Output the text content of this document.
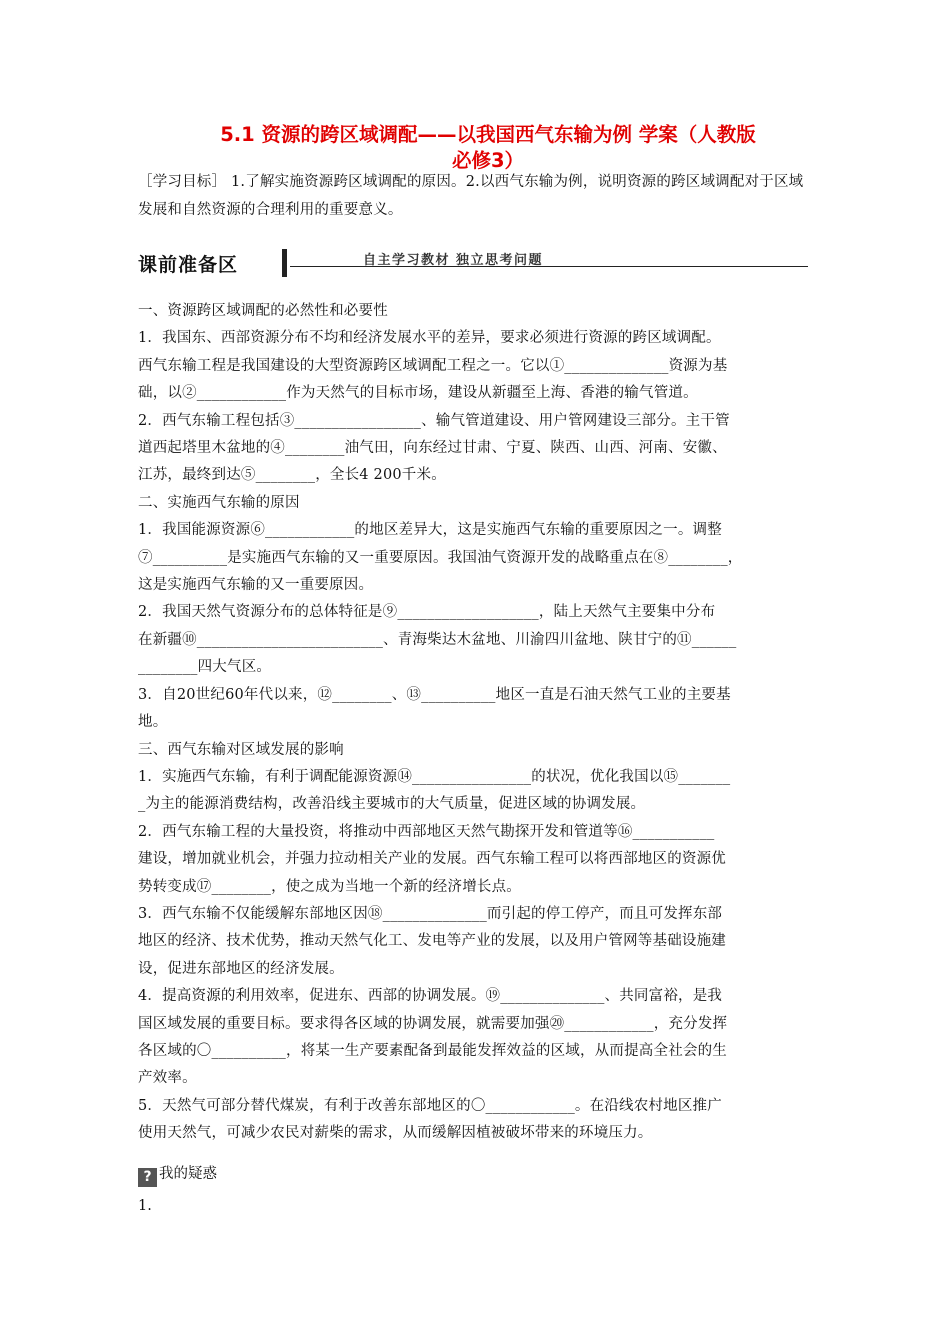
5.1 资源的跨区域调配——以我国西气东输为例 学案（人教版
必修3）
［学习目标］ 1.了解实施资源跨区域调配的原因。2.以西气东输为例，说明资源的跨区域调配对于区域发展和自然资源的合理利用的重要意义。
课前准备区	自主学习教材 独立思考问题

一、资源跨区域调配的必然性和必要性

1．我国东、西部资源分布不均和经济发展水平的差异，要求必须进行资源的跨区域调配。

西气东输工程是我国建设的大型资源跨区域调配工程之一。它以①______________资源为基

础，以②____________作为天然气的目标市场，建设从新疆至上海、香港的输气管道。

2．西气东输工程包括③_________________、输气管道建设、用户管网建设三部分。主干管

道西起塔里木盆地的④________油气田，向东经过甘肃、宁夏、陕西、山西、河南、安徽、

江苏，最终到达⑤________，全长4 200千米。

二、实施西气东输的原因

1．我国能源资源⑥____________的地区差异大，这是实施西气东输的重要原因之一。调整

⑦__________是实施西气东输的又一重要原因。我国油气资源开发的战略重点在⑧________，

这是实施西气东输的又一重要原因。

2．我国天然气资源分布的总体特征是⑨___________________，陆上天然气主要集中分布

在新疆⑩_________________________、青海柴达木盆地、川渝四川盆地、陕甘宁的⑪______

________四大气区。

3．自20世纪60年代以来，⑫________、⑬__________地区一直是石油天然气工业的主要基

地。

三、西气东输对区域发展的影响

1．实施西气东输，有利于调配能源资源⑭________________的状况，优化我国以⑮_______

_为主的能源消费结构，改善沿线主要城市的大气质量，促进区域的协调发展。

2．西气东输工程的大量投资，将推动中西部地区天然气勘探开发和管道等⑯___________

建设，增加就业机会，并强力拉动相关产业的发展。西气东输工程可以将西部地区的资源优

势转变成⑰________，使之成为当地一个新的经济增长点。

3．西气东输不仅能缓解东部地区因⑱______________而引起的停工停产，而且可发挥东部

地区的经济、技术优势，推动天然气化工、发电等产业的发展，以及用户管网等基础设施建

设，促进东部地区的经济发展。

4．提高资源的利用效率，促进东、西部的协调发展。⑲______________、共同富裕，是我

国区域发展的重要目标。要求得各区域的协调发展，就需要加强⑳____________，充分发挥

各区域的〇__________，将某一生产要素配备到最能发挥效益的区域，从而提高全社会的生

产效率。

5．天然气可部分替代煤炭，有利于改善东部地区的〇____________。在沿线农村地区推广

使用天然气，可减少农民对薪柴的需求，从而缓解因植被破坏带来的环境压力。

? 我的疑惑
1.
